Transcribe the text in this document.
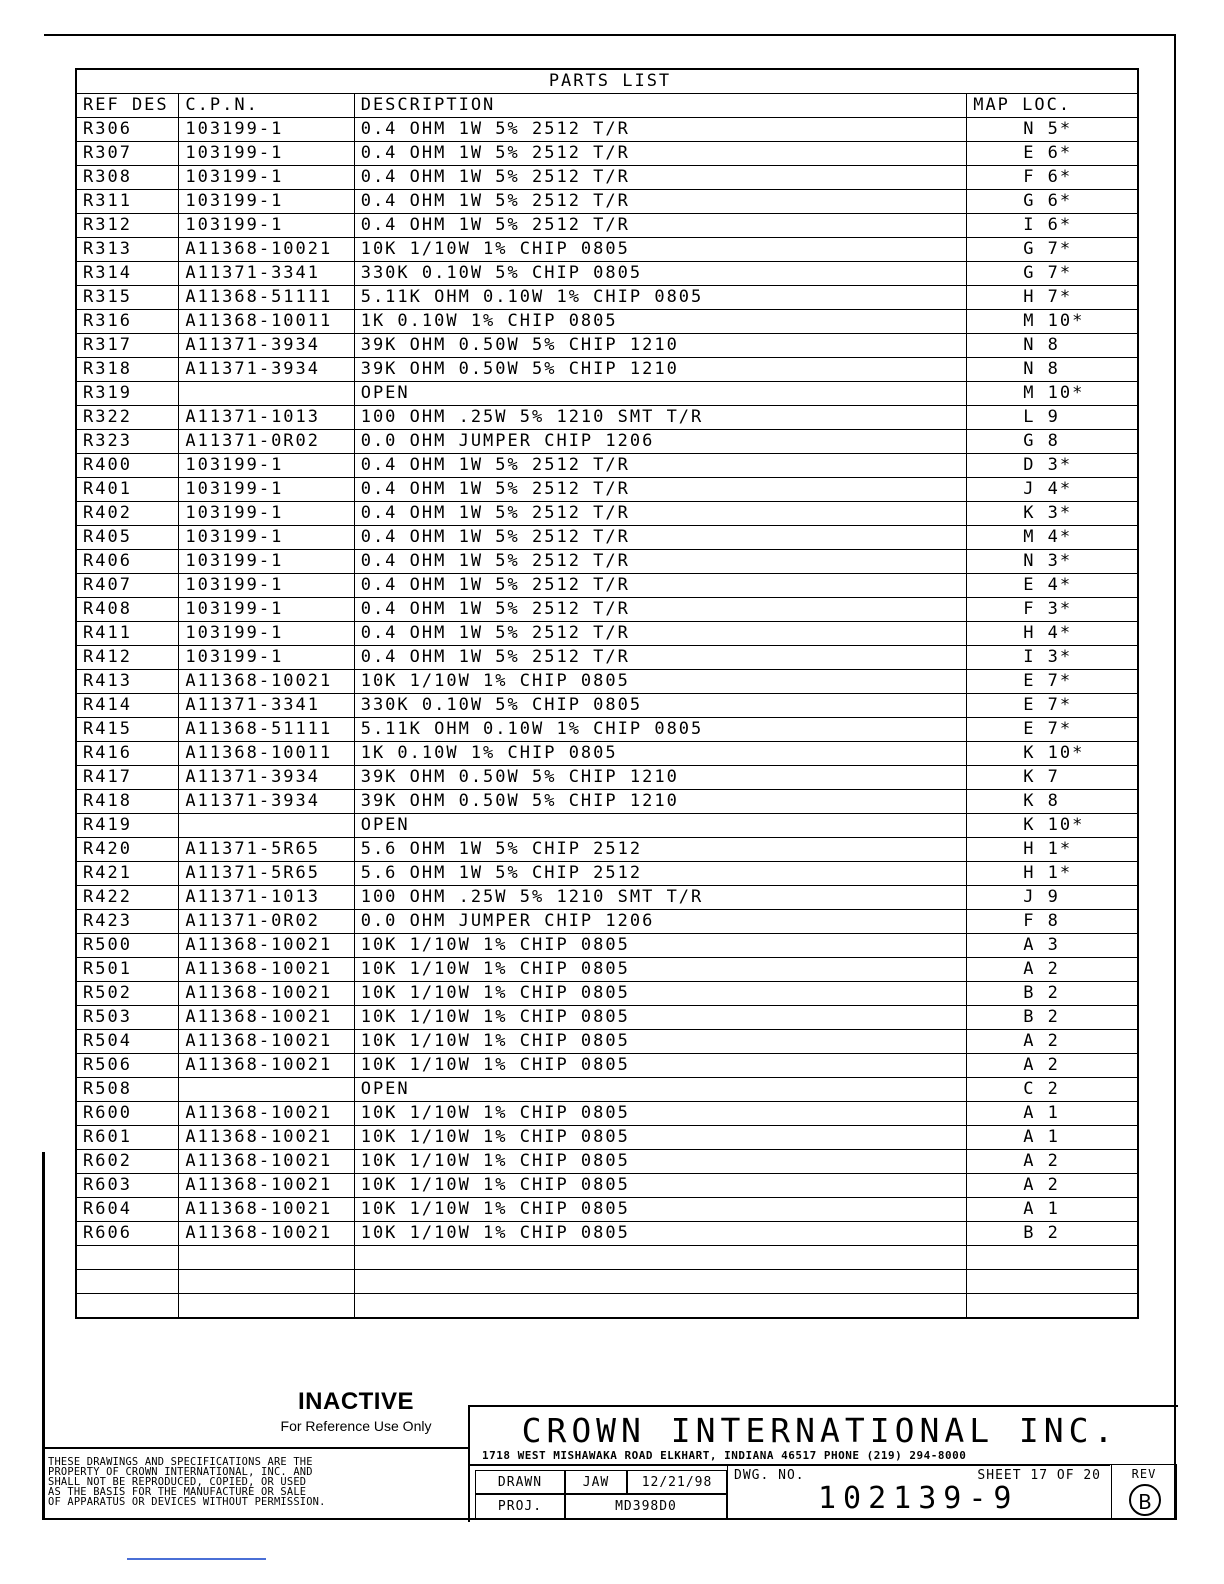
PARTS LIST			
REF DES	C.P.N.	DESCRIPTION	MAP LOC.
R306	103199-1	0.4 OHM 1W 5% 2512 T/R	N 5*
R307	103199-1	0.4 OHM 1W 5% 2512 T/R	E 6*
R308	103199-1	0.4 OHM 1W 5% 2512 T/R	F 6*
R311	103199-1	0.4 OHM 1W 5% 2512 T/R	G 6*
R312	103199-1	0.4 OHM 1W 5% 2512 T/R	I 6*
R313	A11368-10021	10K 1/10W 1% CHIP 0805	G 7*
R314	A11371-3341	330K 0.10W 5% CHIP 0805	G 7*
R315	A11368-51111	5.11K OHM 0.10W 1% CHIP 0805	H 7*
R316	A11368-10011	1K 0.10W 1% CHIP 0805	M 10*
R317	A11371-3934	39K OHM 0.50W 5% CHIP 1210	N 8
R318	A11371-3934	39K OHM 0.50W 5% CHIP 1210	N 8
R319		OPEN	M 10*
R322	A11371-1013	100 OHM .25W 5% 1210 SMT T/R	L 9
R323	A11371-0R02	0.0 OHM JUMPER CHIP 1206	G 8
R400	103199-1	0.4 OHM 1W 5% 2512 T/R	D 3*
R401	103199-1	0.4 OHM 1W 5% 2512 T/R	J 4*
R402	103199-1	0.4 OHM 1W 5% 2512 T/R	K 3*
R405	103199-1	0.4 OHM 1W 5% 2512 T/R	M 4*
R406	103199-1	0.4 OHM 1W 5% 2512 T/R	N 3*
R407	103199-1	0.4 OHM 1W 5% 2512 T/R	E 4*
R408	103199-1	0.4 OHM 1W 5% 2512 T/R	F 3*
R411	103199-1	0.4 OHM 1W 5% 2512 T/R	H 4*
R412	103199-1	0.4 OHM 1W 5% 2512 T/R	I 3*
R413	A11368-10021	10K 1/10W 1% CHIP 0805	E 7*
R414	A11371-3341	330K 0.10W 5% CHIP 0805	E 7*
R415	A11368-51111	5.11K OHM 0.10W 1% CHIP 0805	E 7*
R416	A11368-10011	1K 0.10W 1% CHIP 0805	K 10*
R417	A11371-3934	39K OHM 0.50W 5% CHIP 1210	K 7
R418	A11371-3934	39K OHM 0.50W 5% CHIP 1210	K 8
R419		OPEN	K 10*
R420	A11371-5R65	5.6 OHM 1W 5% CHIP 2512	H 1*
R421	A11371-5R65	5.6 OHM 1W 5% CHIP 2512	H 1*
R422	A11371-1013	100 OHM .25W 5% 1210 SMT T/R	J 9
R423	A11371-0R02	0.0 OHM JUMPER CHIP 1206	F 8
R500	A11368-10021	10K 1/10W 1% CHIP 0805	A 3
R501	A11368-10021	10K 1/10W 1% CHIP 0805	A 2
R502	A11368-10021	10K 1/10W 1% CHIP 0805	B 2
R503	A11368-10021	10K 1/10W 1% CHIP 0805	B 2
R504	A11368-10021	10K 1/10W 1% CHIP 0805	A 2
R506	A11368-10021	10K 1/10W 1% CHIP 0805	A 2
R508		OPEN	C 2
R600	A11368-10021	10K 1/10W 1% CHIP 0805	A 1
R601	A11368-10021	10K 1/10W 1% CHIP 0805	A 1
R602	A11368-10021	10K 1/10W 1% CHIP 0805	A 2
R603	A11368-10021	10K 1/10W 1% CHIP 0805	A 2
R604	A11368-10021	10K 1/10W 1% CHIP 0805	A 1
R606	A11368-10021	10K 1/10W 1% CHIP 0805	B 2

INACTIVE
For Reference Use Only
THESE DRAWINGS AND SPECIFICATIONS ARE THE
PROPERTY OF CROWN INTERNATIONAL, INC. AND
SHALL NOT BE REPRODUCED, COPIED, OR USED
AS THE BASIS FOR THE MANUFACTURE OR SALE
OF APPARATUS OR DEVICES WITHOUT PERMISSION.
CROWN INTERNATIONAL INC.
1718 WEST MISHAWAKA ROAD ELKHART, INDIANA 46517 PHONE (219) 294-8000
DRAWN	JAW	12/21/98
PROJ.	MD398D0
DWG. NO.	SHEET 17 OF 20
102139-9
REV
B
